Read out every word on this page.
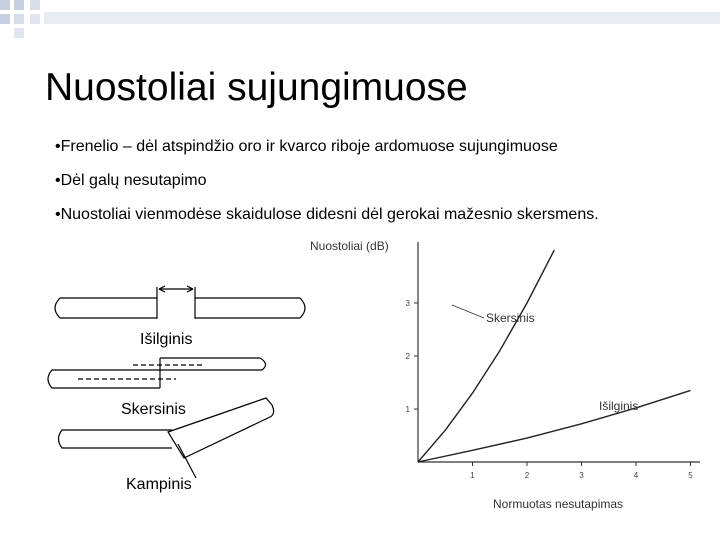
Nuostoliai sujungimuose
•Frenelio – dėl atspindžio oro ir kvarco riboje ardomuose sujungimuose
•Dėl galų nesutapimo
•Nuostoliai vienmodėse skaidulose didesni dėl gerokai mažesnio skersmens.
Išilginis
Skersinis
Kampinis
Nuostoliai (dB)
Normuotas nesutapimas
1	2	3	4	5
1
2
3
Skersinis
Išilginis
